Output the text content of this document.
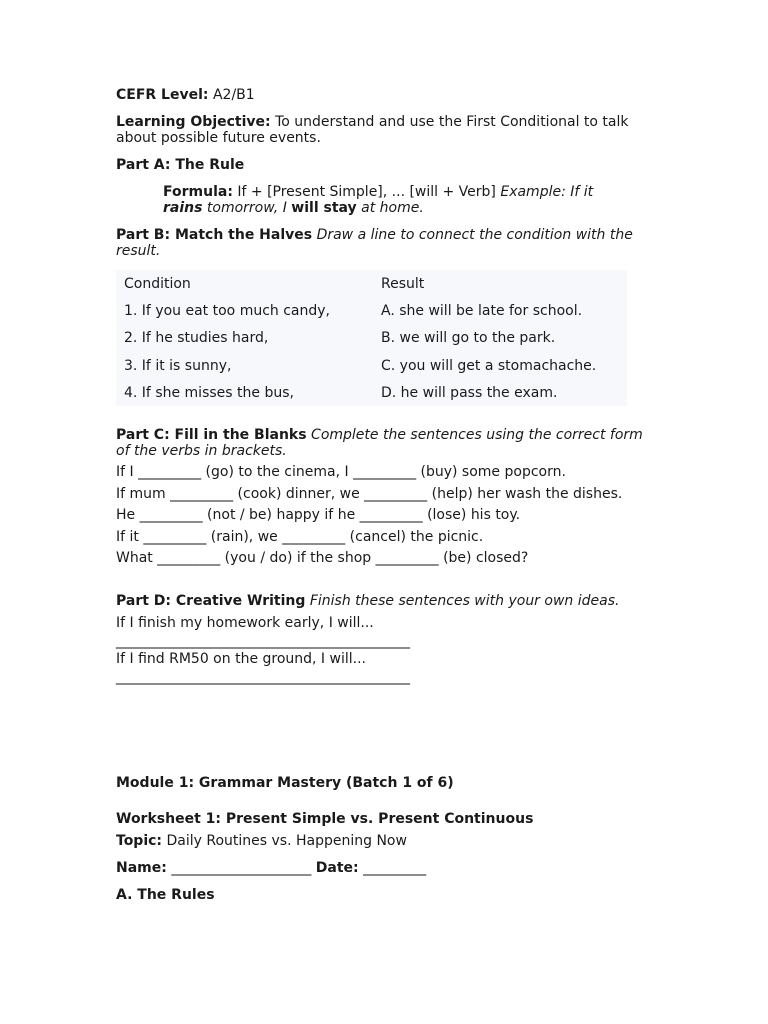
CEFR Level: A2/B1

Learning Objective: To understand and use the First Conditional to talk about possible future events.

Part A: The Rule

Formula: If + [Present Simple], ... [will + Verb] Example: If it rains tomorrow, I will stay at home.

Part B: Match the Halves Draw a line to connect the condition with the result.

Condition	Result
1. If you eat too much candy,	A. she will be late for school.
2. If he studies hard,	B. we will go to the park.
3. If it is sunny,	C. you will get a stomachache.
4. If she misses the bus,	D. he will pass the exam.

Part C: Fill in the Blanks Complete the sentences using the correct form of the verbs in brackets.

If I _________ (go) to the cinema, I _________ (buy) some popcorn.

If mum _________ (cook) dinner, we _________ (help) her wash the dishes.

He _________ (not / be) happy if he _________ (lose) his toy.

If it _________ (rain), we _________ (cancel) the picnic.

What _________ (you / do) if the shop _________ (be) closed?

Part D: Creative Writing Finish these sentences with your own ideas.

If I finish my homework early, I will...

__________________________________________

If I find RM50 on the ground, I will...

__________________________________________

Module 1: Grammar Mastery (Batch 1 of 6)

Worksheet 1: Present Simple vs. Present Continuous

Topic: Daily Routines vs. Happening Now

Name: ____________________ Date: _________

A. The Rules
